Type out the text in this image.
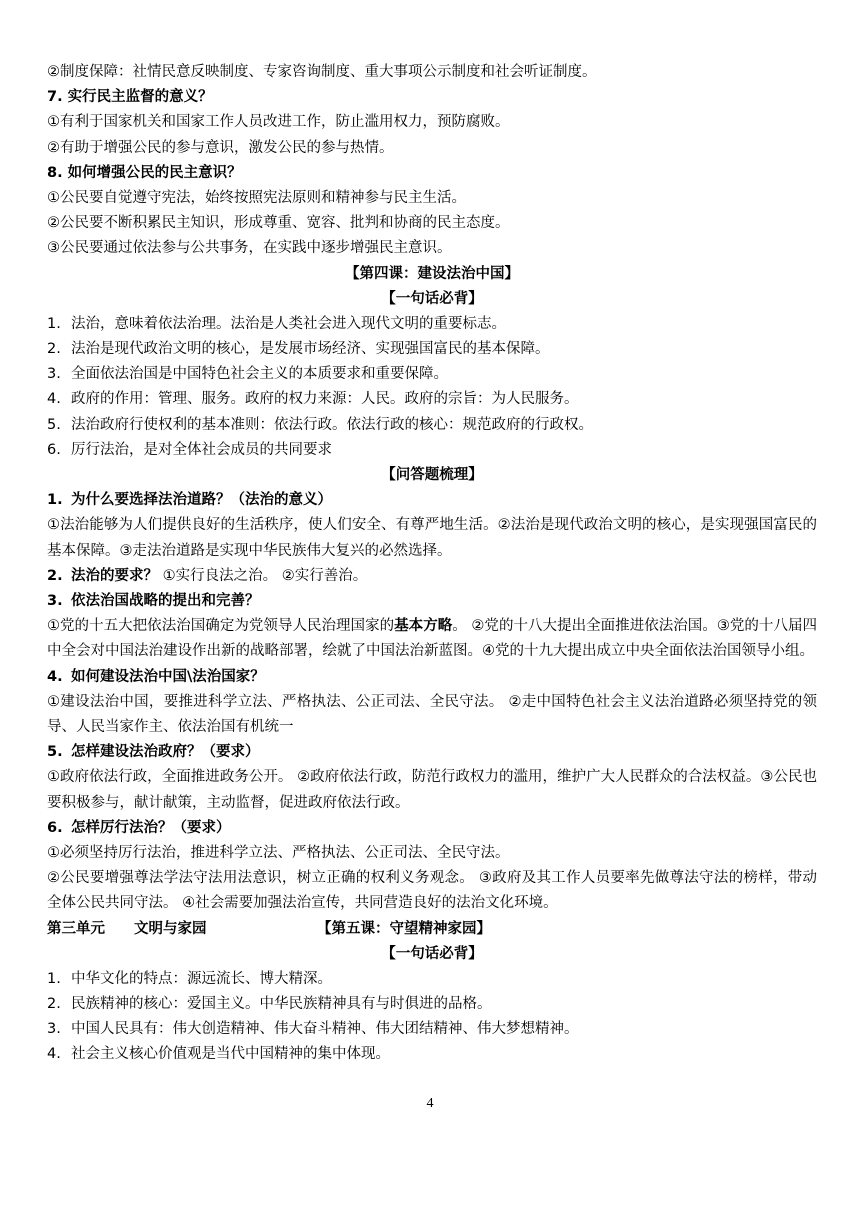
②制度保障：社情民意反映制度、专家咨询制度、重大事项公示制度和社会听证制度。
7. 实行民主监督的意义？
①有利于国家机关和国家工作人员改进工作，防止滥用权力，预防腐败。
②有助于增强公民的参与意识，激发公民的参与热情。
8. 如何增强公民的民主意识？
①公民要自觉遵守宪法，始终按照宪法原则和精神参与民主生活。
②公民要不断积累民主知识，形成尊重、宽容、批判和协商的民主态度。
③公民要通过依法参与公共事务，在实践中逐步增强民主意识。
【第四课：建设法治中国】
【一句话必背】
1. 法治，意味着依法治理。法治是人类社会进入现代文明的重要标志。
2. 法治是现代政治文明的核心，是发展市场经济、实现强国富民的基本保障。
3. 全面依法治国是中国特色社会主义的本质要求和重要保障。
4. 政府的作用：管理、服务。政府的权力来源：人民。政府的宗旨：为人民服务。
5. 法治政府行使权利的基本准则：依法行政。依法行政的核心：规范政府的行政权。
6. 厉行法治，是对全体社会成员的共同要求
【问答题梳理】
1. 为什么要选择法治道路？（法治的意义）
①法治能够为人们提供良好的生活秩序，使人们安全、有尊严地生活。②法治是现代政治文明的核心，是实现强国富民的基本保障。③走法治道路是实现中华民族伟大复兴的必然选择。
2. 法治的要求？ ①实行良法之治。 ②实行善治。
3. 依法治国战略的提出和完善？
①党的十五大把依法治国确定为党领导人民治理国家的基本方略。 ②党的十八大提出全面推进依法治国。③党的十八届四中全会对中国法治建设作出新的战略部署，绘就了中国法治新蓝图。④党的十九大提出成立中央全面依法治国领导小组。
4. 如何建设法治中国\法治国家？
①建设法治中国，要推进科学立法、严格执法、公正司法、全民守法。 ②走中国特色社会主义法治道路必须坚持党的领导、人民当家作主、依法治国有机统一
5. 怎样建设法治政府？（要求）
①政府依法行政，全面推进政务公开。 ②政府依法行政，防范行政权力的滥用，维护广大人民群众的合法权益。③公民也要积极参与，献计献策，主动监督，促进政府依法行政。
6. 怎样厉行法治？（要求）
①必须坚持厉行法治，推进科学立法、严格执法、公正司法、全民守法。
②公民要增强尊法学法守法用法意识，树立正确的权利义务观念。 ③政府及其工作人员要率先做尊法守法的榜样，带动全体公民共同守法。 ④社会需要加强法治宣传，共同营造良好的法治文化环境。
第三单元　　文明与家园	【第五课：守望精神家园】
【一句话必背】
1. 中华文化的特点：源远流长、博大精深。
2. 民族精神的核心：爱国主义。中华民族精神具有与时俱进的品格。
3. 中国人民具有：伟大创造精神、伟大奋斗精神、伟大团结精神、伟大梦想精神。
4. 社会主义核心价值观是当代中国精神的集中体现。
4
